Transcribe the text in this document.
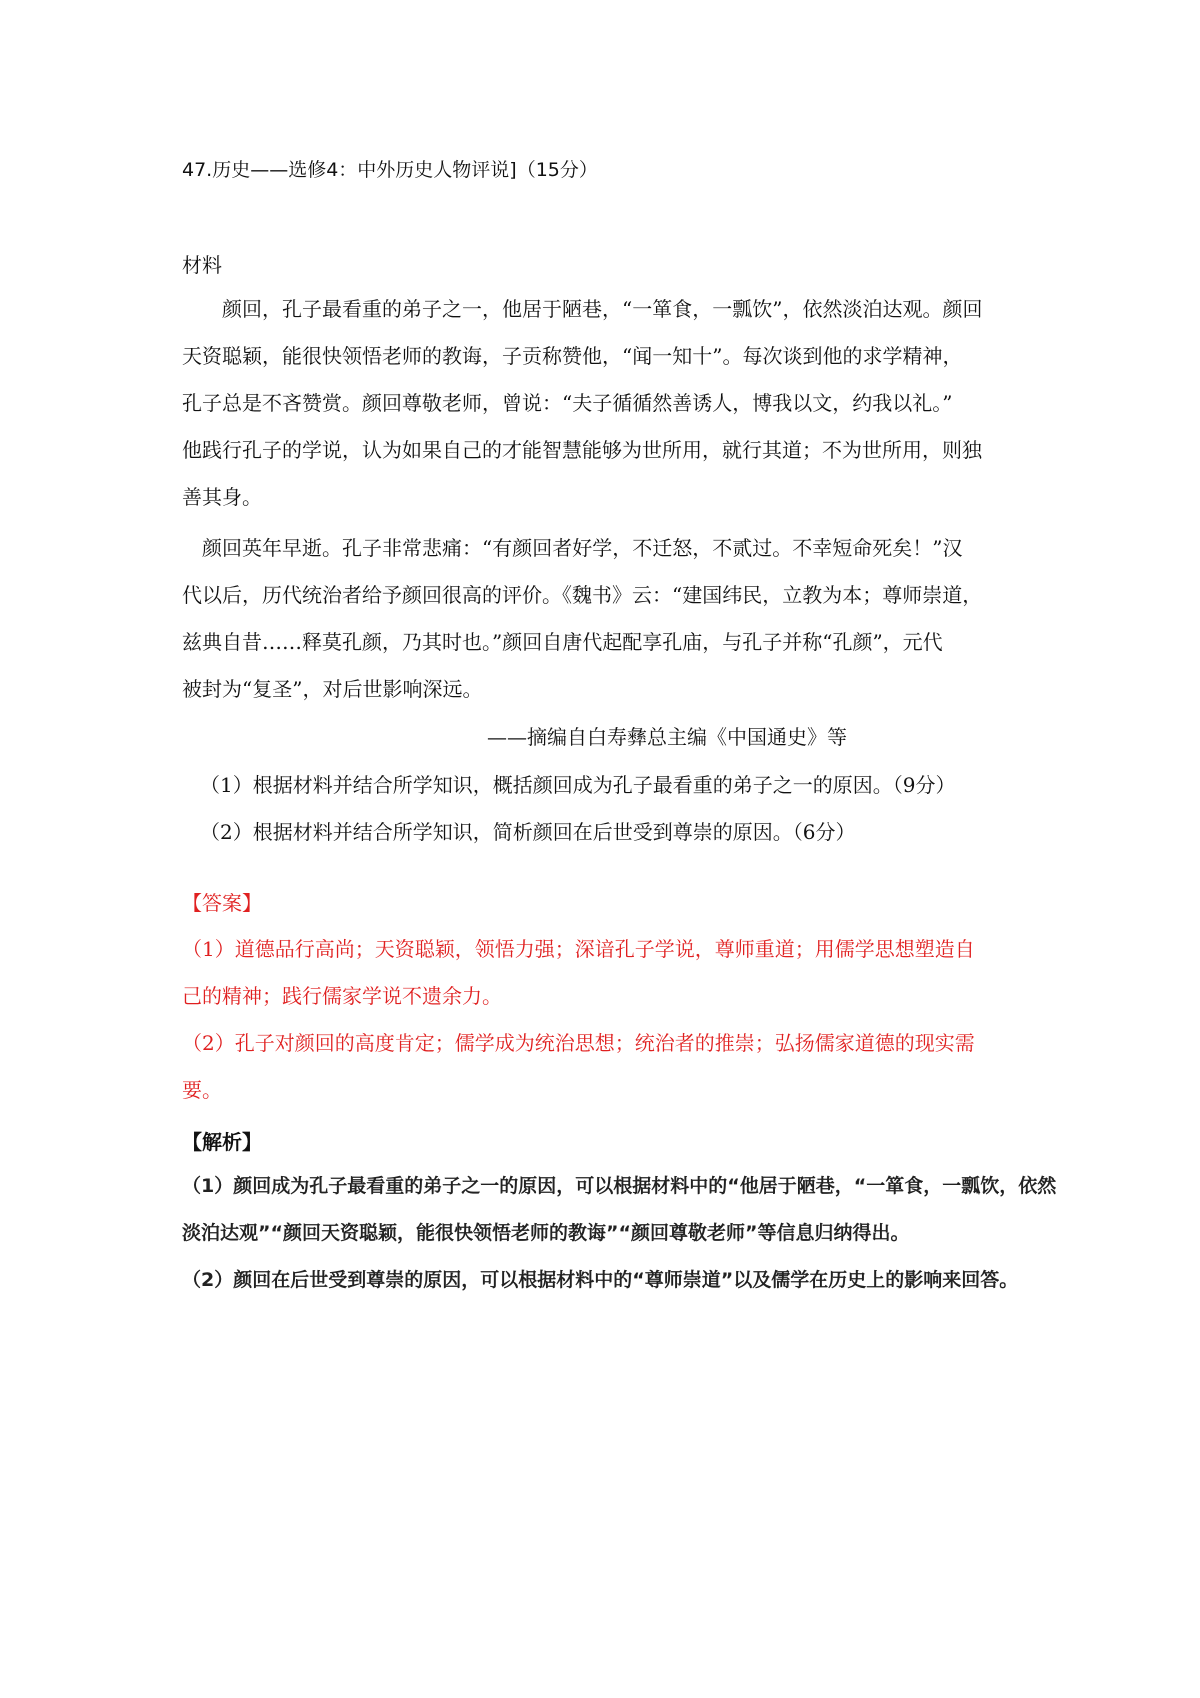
47.历史——选修4：中外历史人物评说]（15分）
材料
　　颜回，孔子最看重的弟子之一，他居于陋巷，“一箪食，一瓢饮”，依然淡泊达观。颜回
天资聪颖，能很快领悟老师的教诲，子贡称赞他，“闻一知十”。每次谈到他的求学精神，
孔子总是不吝赞赏。颜回尊敬老师，曾说：“夫子循循然善诱人，博我以文，约我以礼。”
他践行孔子的学说，认为如果自己的才能智慧能够为世所用，就行其道；不为世所用，则独
善其身。
　颜回英年早逝。孔子非常悲痛：“有颜回者好学，不迁怒，不贰过。不幸短命死矣！”汉
代以后，历代统治者给予颜回很高的评价。《魏书》云：“建国纬民，立教为本；尊师崇道，
兹典自昔……释莫孔颜，乃其时也。”颜回自唐代起配享孔庙，与孔子并称“孔颜”，元代
被封为“复圣”，对后世影响深远。
——摘编自白寿彝总主编《中国通史》等
（1）根据材料并结合所学知识，概括颜回成为孔子最看重的弟子之一的原因。（9分）
（2）根据材料并结合所学知识，简析颜回在后世受到尊崇的原因。（6分）
【答案】
（1）道德品行高尚；天资聪颖，领悟力强；深谙孔子学说，尊师重道；用儒学思想塑造自
己的精神；践行儒家学说不遗余力。
（2）孔子对颜回的高度肯定；儒学成为统治思想；统治者的推崇；弘扬儒家道德的现实需
要。
【解析】
（1）颜回成为孔子最看重的弟子之一的原因，可以根据材料中的“他居于陋巷，“一箪食，一瓢饮，依然
淡泊达观”“颜回天资聪颖，能很快领悟老师的教诲”“颜回尊敬老师”等信息归纳得出。
（2）颜回在后世受到尊崇的原因，可以根据材料中的“尊师崇道”以及儒学在历史上的影响来回答。
